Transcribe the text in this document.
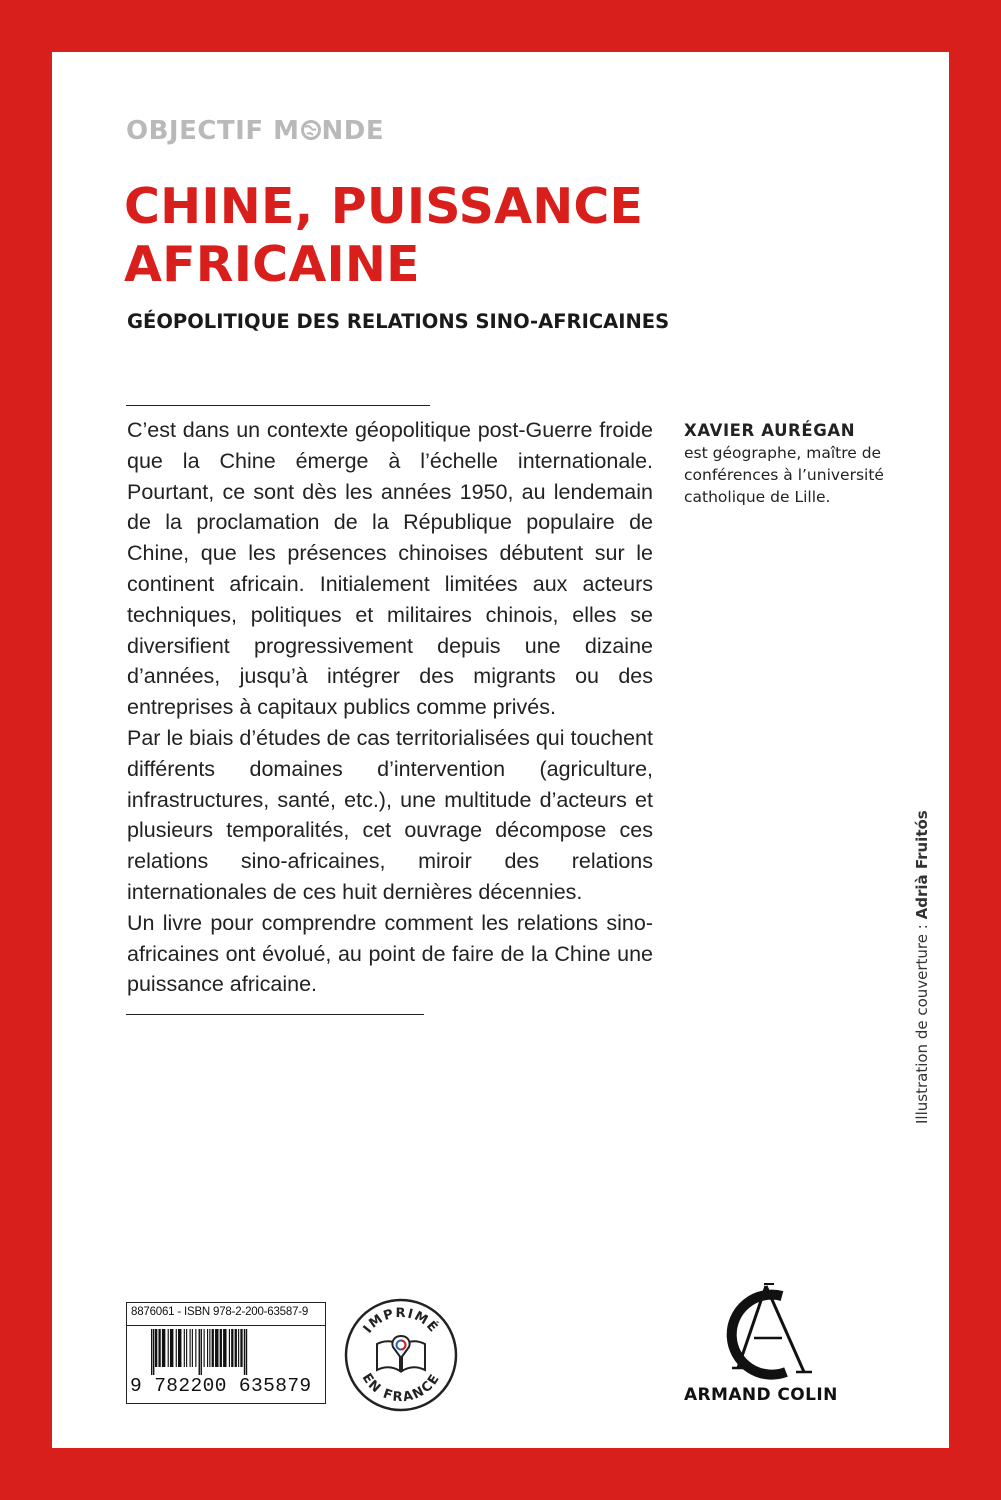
OBJECTIF M NDE
CHINE, PUISSANCE
AFRICAINE
GÉOPOLITIQUE DES RELATIONS SINO-AFRICAINES

C’est dans un contexte géopolitique post-Guerre froide que la Chine émerge à l’échelle internationale. Pourtant, ce sont dès les années 1950, au lendemain de la proclamation de la République populaire de Chine, que les présences chinoises débutent sur le continent africain. Initialement limitées aux acteurs techniques, politiques et militaires chinois, elles se diversifient progressivement depuis une dizaine d’années, jusqu’à intégrer des migrants ou des entreprises à capitaux publics comme privés.

Par le biais d’études de cas territorialisées qui touchent différents domaines d’intervention (agriculture, infrastructures, santé, etc.), une multitude d’acteurs et plusieurs temporalités, cet ouvrage décompose ces relations sino-africaines, miroir des relations internationales de ces huit dernières décennies.

Un livre pour comprendre comment les relations sino-africaines ont évolué, au point de faire de la Chine une puissance africaine.

XAVIER AURÉGAN
est géographe, maître de conférences à l’université catholique de Lille.
Illustration de couverture : Adrià Fruitós
8876061 - ISBN 978-2-200-63587-9
9 782200 635879
IMPRIMÉ
EN FRANCE
ARMAND COLIN
